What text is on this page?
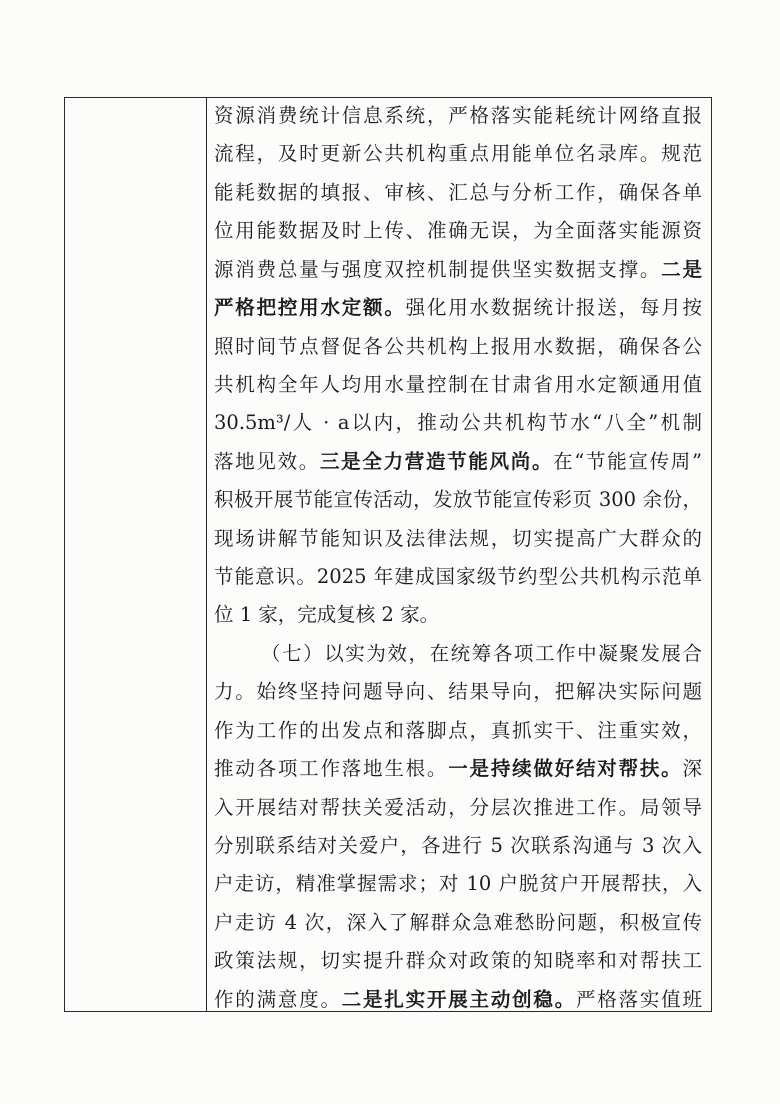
资源消费统计信息系统，严格落实能耗统计网络直报
流程，及时更新公共机构重点用能单位名录库。规范
能耗数据的填报、审核、汇总与分析工作，确保各单
位用能数据及时上传、准确无误，为全面落实能源资
源消费总量与强度双控机制提供坚实数据支撑。二是
严格把控用水定额。强化用水数据统计报送，每月按
照时间节点督促各公共机构上报用水数据，确保各公
共机构全年人均用水量控制在甘肃省用水定额通用值
30.5m³/人 · a以内，推动公共机构节水“八全”机制
落地见效。三是全力营造节能风尚。在“节能宣传周”
积极开展节能宣传活动，发放节能宣传彩页 300 余份，
现场讲解节能知识及法律法规，切实提高广大群众的
节能意识。2025 年建成国家级节约型公共机构示范单
位 1 家，完成复核 2 家。
（七）以实为效，在统筹各项工作中凝聚发展合
力。始终坚持问题导向、结果导向，把解决实际问题
作为工作的出发点和落脚点，真抓实干、注重实效，
推动各项工作落地生根。一是持续做好结对帮扶。深
入开展结对帮扶关爱活动，分层次推进工作。局领导
分别联系结对关爱户，各进行 5 次联系沟通与 3 次入
户走访，精准掌握需求；对 10 户脱贫户开展帮扶，入
户走访 4 次，深入了解群众急难愁盼问题，积极宣传
政策法规，切实提升群众对政策的知晓率和对帮扶工
作的满意度。二是扎实开展主动创稳。严格落实值班
